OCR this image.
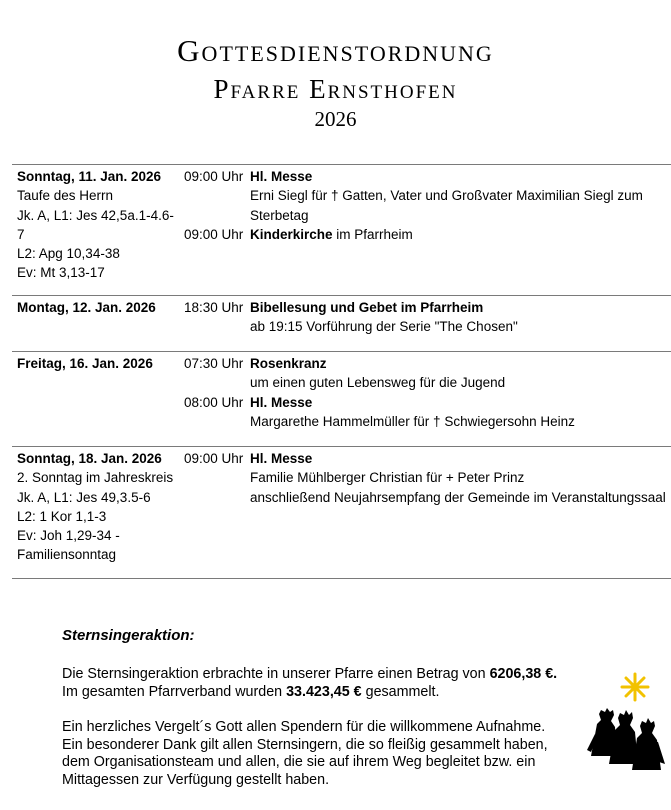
Gottesdienstordnung
Pfarre Ernsthofen
2026
Sonntag, 11. Jan. 2026
Taufe des Herrn
Jk. A, L1: Jes 42,5a.1-4.6-
7
L2: Apg 10,34-38
Ev: Mt 3,13-17
09:00 Uhr
09:00 Uhr
Hl. Messe
Erni Siegl für † Gatten, Vater und Großvater Maximilian Siegl zum
Sterbetag
Kinderkirche im Pfarrheim
Montag, 12. Jan. 2026	18:30 Uhr Bibellesung und Gebet im Pfarrheim
ab 19:15 Vorführung der Serie "The Chosen"
Freitag, 16. Jan. 2026	07:30 Uhr
08:00 Uhr
Rosenkranz
um einen guten Lebensweg für die Jugend
Hl. Messe
Margarethe Hammelmüller für † Schwiegersohn Heinz
Sonntag, 18. Jan. 2026
2. Sonntag im Jahreskreis
Jk. A, L1: Jes 49,3.5-6
L2: 1 Kor 1,1-3
Ev: Joh 1,29-34 -
Familiensonntag
09:00 Uhr Hl. Messe
Familie Mühlberger Christian für + Peter Prinz
anschließend Neujahrsempfang der Gemeinde im Veranstaltungssaal
Sternsingeraktion:
Die Sternsingeraktion erbrachte in unserer Pfarre einen Betrag von 6206,38 €.
Im gesamten Pfarrverband wurden 33.423,45 € gesammelt.
Ein herzliches Vergelt´s Gott allen Spendern für die willkommene Aufnahme.
Ein besonderer Dank gilt allen Sternsingern, die so fleißig gesammelt haben,
dem Organisationsteam und allen, die sie auf ihrem Weg begleitet bzw. ein
Mittagessen zur Verfügung gestellt haben.
